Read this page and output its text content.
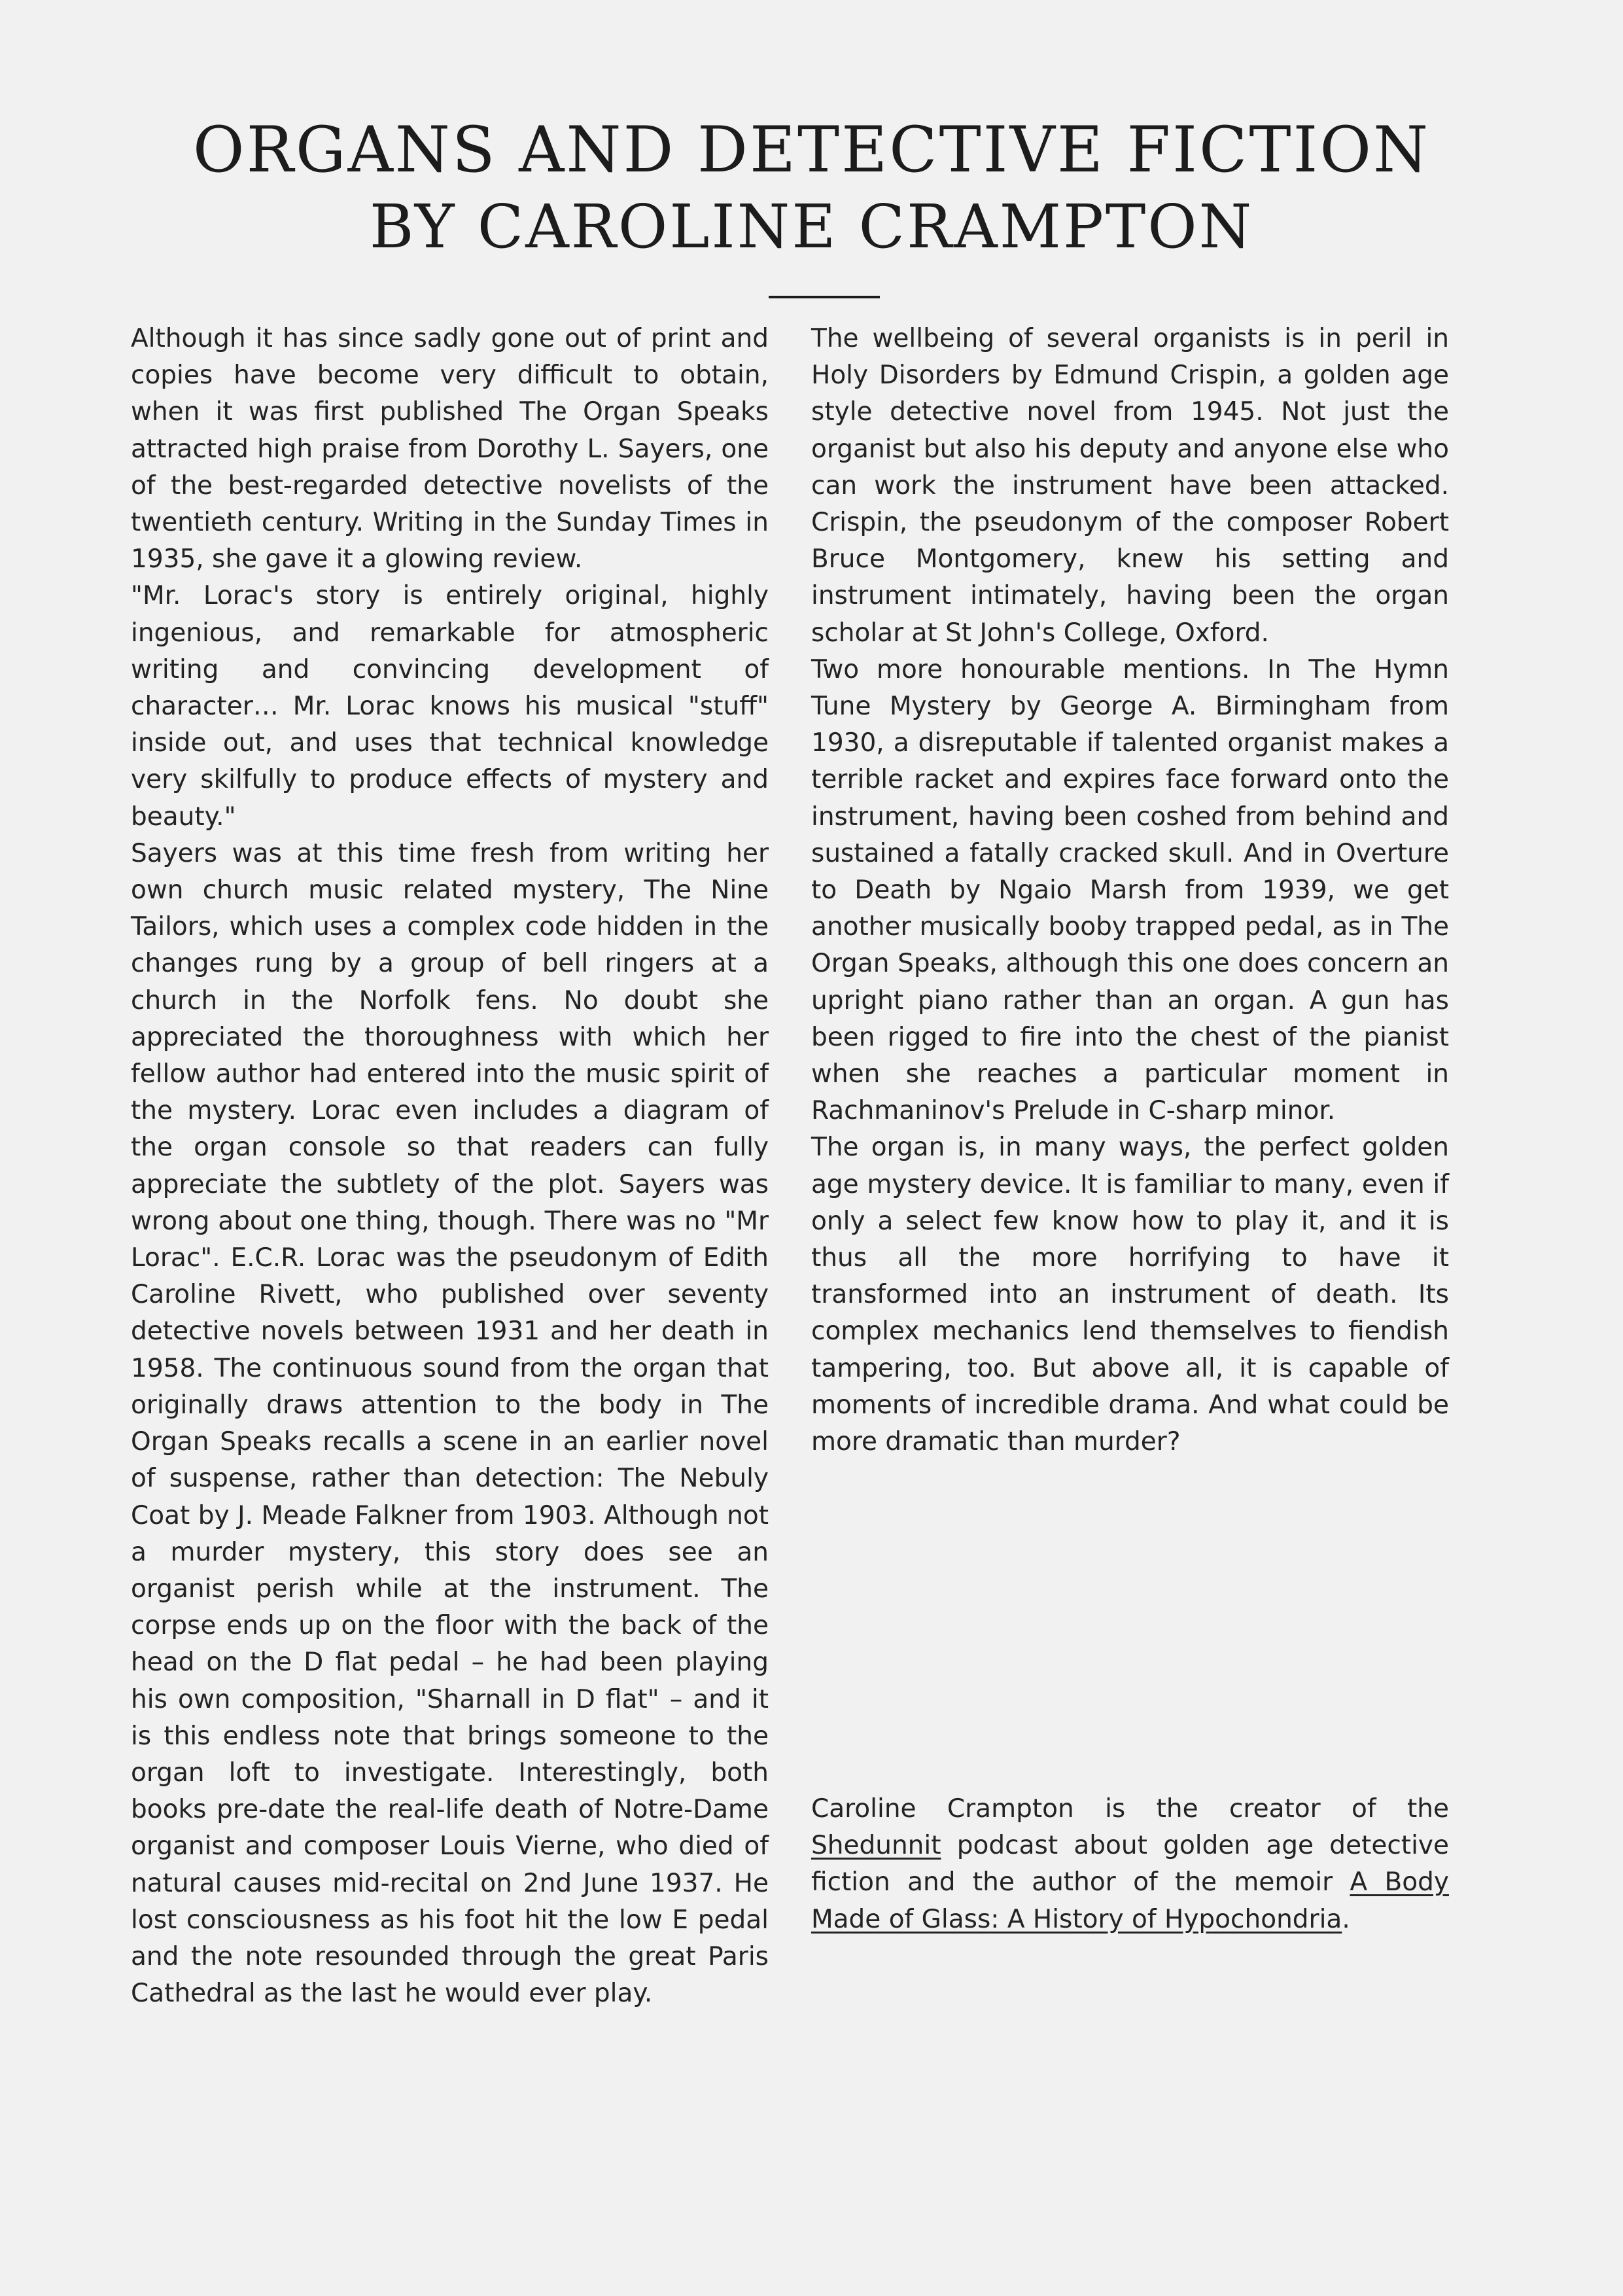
ORGANS AND DETECTIVE FICTION
BY CAROLINE CRAMPTON

Although it has since sadly gone out of print and copies have become very difficult to obtain, when it was first published The Organ Speaks attracted high praise from Dorothy L. Sayers, one of the best-regarded detective novelists of the twentieth century. Writing in the Sunday Times in 1935, she gave it a glowing review.

"Mr. Lorac's story is entirely original, highly ingenious, and remarkable for atmospheric writing and convincing development of character… Mr. Lorac knows his musical "stuff" inside out, and uses that technical knowledge very skilfully to produce effects of mystery and beauty."

Sayers was at this time fresh from writing her own church music related mystery, The Nine Tailors, which uses a complex code hidden in the changes rung by a group of bell ringers at a church in the Norfolk fens. No doubt she appreciated the thoroughness with which her fellow author had entered into the music spirit of the mystery. Lorac even includes a diagram of the organ console so that readers can fully appreciate the subtlety of the plot. Sayers was wrong about one thing, though. There was no "Mr Lorac". E.C.R. Lorac was the pseudonym of Edith Caroline Rivett, who published over seventy detective novels between 1931 and her death in 1958. The continuous sound from the organ that originally draws attention to the body in The Organ Speaks recalls a scene in an earlier novel of suspense, rather than detection: The Nebuly Coat by J. Meade Falkner from 1903. Although not a murder mystery, this story does see an organist perish while at the instrument. The corpse ends up on the floor with the back of the head on the D flat pedal – he had been playing his own composition, "Sharnall in D flat" – and it is this endless note that brings someone to the organ loft to investigate. Interestingly, both books pre-date the real-life death of Notre-Dame organist and composer Louis Vierne, who died of natural causes mid-recital on 2nd June 1937. He lost consciousness as his foot hit the low E pedal and the note resounded through the great Paris Cathedral as the last he would ever play.

The wellbeing of several organists is in peril in Holy Disorders by Edmund Crispin, a golden age style detective novel from 1945. Not just the organist but also his deputy and anyone else who can work the instrument have been attacked. Crispin, the pseudonym of the composer Robert Bruce Montgomery, knew his setting and instrument intimately, having been the organ scholar at St John's College, Oxford.

Two more honourable mentions. In The Hymn Tune Mystery by George A. Birmingham from 1930, a disreputable if talented organist makes a terrible racket and expires face forward onto the instrument, having been coshed from behind and sustained a fatally cracked skull. And in Overture to Death by Ngaio Marsh from 1939, we get another musically booby trapped pedal, as in The Organ Speaks, although this one does concern an upright piano rather than an organ. A gun has been rigged to fire into the chest of the pianist when she reaches a particular moment in Rachmaninov's Prelude in C-sharp minor.

The organ is, in many ways, the perfect golden age mystery device. It is familiar to many, even if only a select few know how to play it, and it is thus all the more horrifying to have it transformed into an instrument of death. Its complex mechanics lend themselves to fiendish tampering, too. But above all, it is capable of moments of incredible drama. And what could be more dramatic than murder?

Caroline Crampton is the creator of the Shedunnit podcast about golden age detective fiction and the author of the memoir A Body Made of Glass: A History of Hypochondria.
